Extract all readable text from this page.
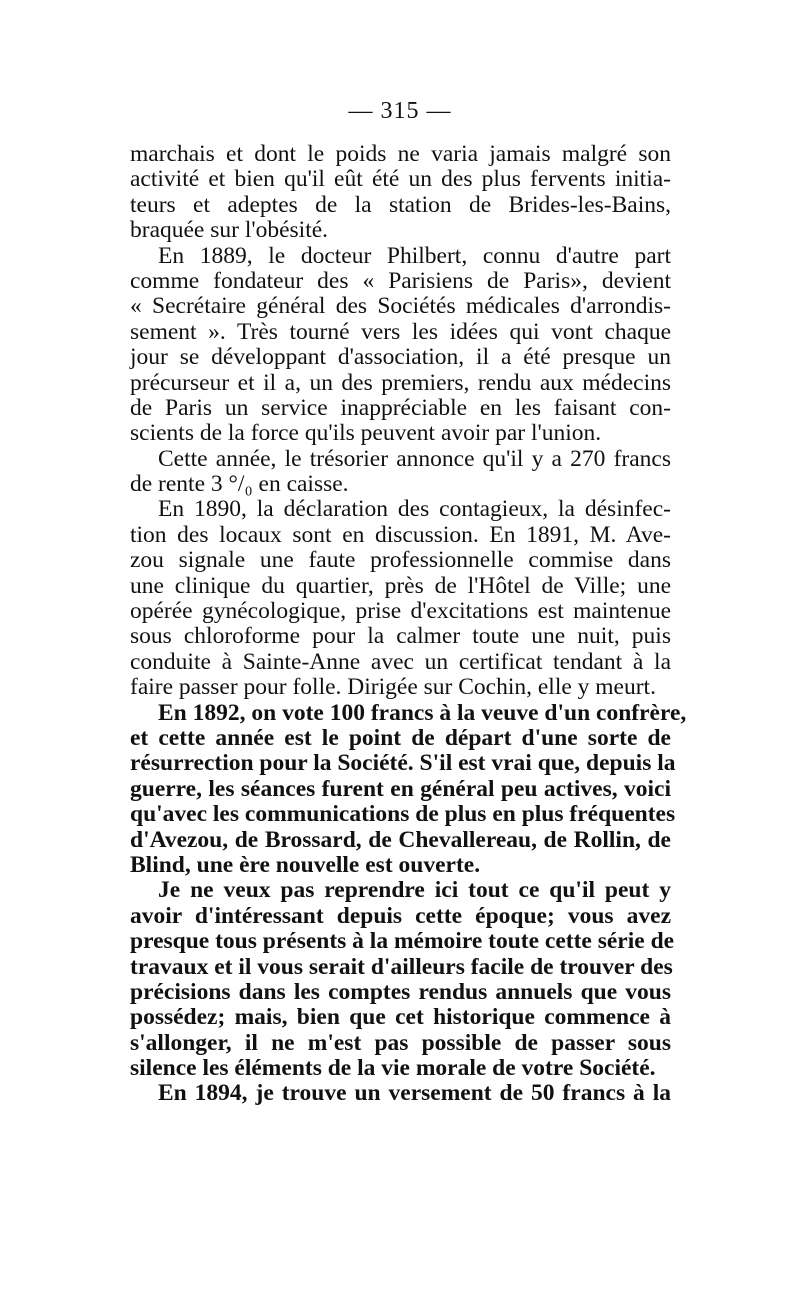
— 315 —
marchais et dont le poids ne varia jamais malgré son
activité et bien qu'il eût été un des plus fervents initia-
teurs et adeptes de la station de Brides-les-Bains,
braquée sur l'obésité.
En 1889, le docteur Philbert, connu d'autre part
comme fondateur des « Parisiens de Paris», devient
« Secrétaire général des Sociétés médicales d'arrondis-
sement ». Très tourné vers les idées qui vont chaque
jour se développant d'association, il a été presque un
précurseur et il a, un des premiers, rendu aux médecins
de Paris un service inappréciable en les faisant con-
scients de la force qu'ils peuvent avoir par l'union.
Cette année, le trésorier annonce qu'il y a 270 francs
de rente 3 °/₀ en caisse.
En 1890, la déclaration des contagieux, la désinfec-
tion des locaux sont en discussion. En 1891, M. Ave-
zou signale une faute professionnelle commise dans
une clinique du quartier, près de l'Hôtel de Ville; une
opérée gynécologique, prise d'excitations est maintenue
sous chloroforme pour la calmer toute une nuit, puis
conduite à Sainte-Anne avec un certificat tendant à la
faire passer pour folle. Dirigée sur Cochin, elle y meurt.
En 1892, on vote 100 francs à la veuve d'un confrère,
et cette année est le point de départ d'une sorte de
résurrection pour la Société. S'il est vrai que, depuis la
guerre, les séances furent en général peu actives, voici
qu'avec les communications de plus en plus fréquentes
d'Avezou, de Brossard, de Chevallereau, de Rollin, de
Blind, une ère nouvelle est ouverte.
Je ne veux pas reprendre ici tout ce qu'il peut y
avoir d'intéressant depuis cette époque; vous avez
presque tous présents à la mémoire toute cette série de
travaux et il vous serait d'ailleurs facile de trouver des
précisions dans les comptes rendus annuels que vous
possédez; mais, bien que cet historique commence à
s'allonger, il ne m'est pas possible de passer sous
silence les éléments de la vie morale de votre Société.
En 1894, je trouve un versement de 50 francs à la
